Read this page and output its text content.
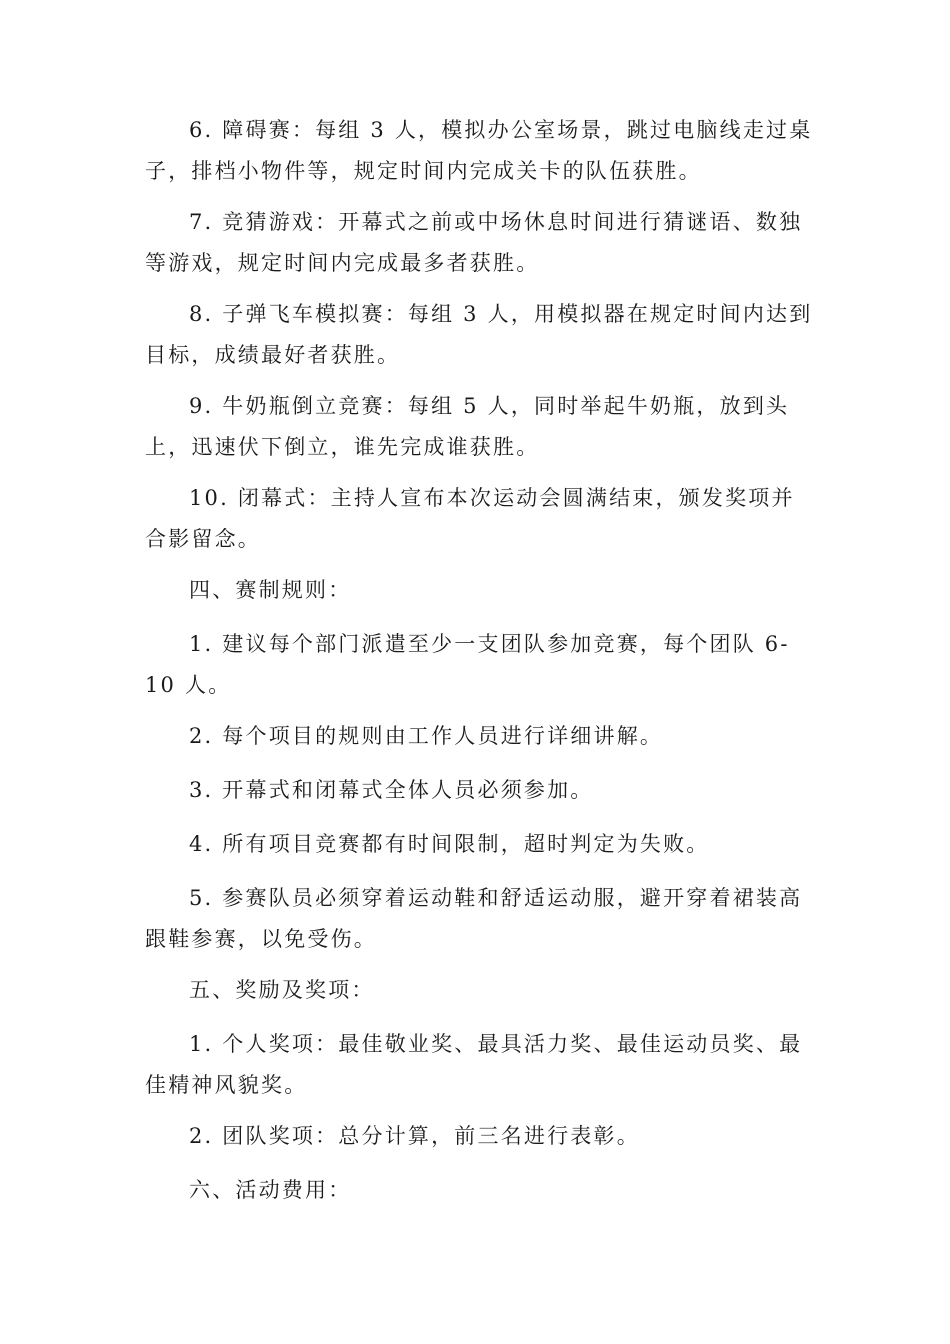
6. 障碍赛：每组 3 人，模拟办公室场景，跳过电脑线走过桌子，排档小物件等，规定时间内完成关卡的队伍获胜。

7. 竞猜游戏：开幕式之前或中场休息时间进行猜谜语、数独等游戏，规定时间内完成最多者获胜。

8. 子弹飞车模拟赛：每组 3 人，用模拟器在规定时间内达到目标，成绩最好者获胜。

9. 牛奶瓶倒立竞赛：每组 5 人，同时举起牛奶瓶，放到头上，迅速伏下倒立，谁先完成谁获胜。

10. 闭幕式：主持人宣布本次运动会圆满结束，颁发奖项并合影留念。

四、赛制规则：

1. 建议每个部门派遣至少一支团队参加竞赛，每个团队 6-10 人。

2. 每个项目的规则由工作人员进行详细讲解。

3. 开幕式和闭幕式全体人员必须参加。

4. 所有项目竞赛都有时间限制，超时判定为失败。

5. 参赛队员必须穿着运动鞋和舒适运动服，避开穿着裙装高跟鞋参赛，以免受伤。

五、奖励及奖项：

1. 个人奖项：最佳敬业奖、最具活力奖、最佳运动员奖、最佳精神风貌奖。

2. 团队奖项：总分计算，前三名进行表彰。

六、活动费用：
